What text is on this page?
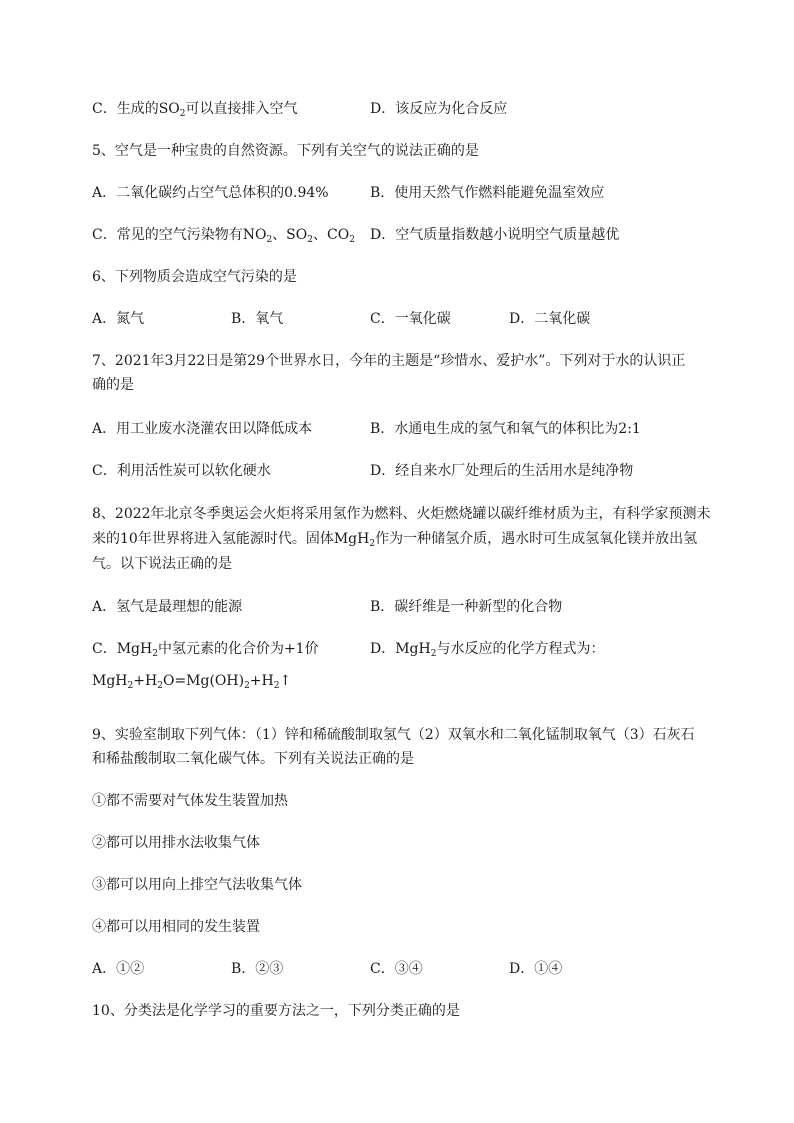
C．生成的$SO_2$可以直接排入空气	D．该反应为化合反应
5、空气是一种宝贵的自然资源。下列有关空气的说法正确的是
A．二氧化碳约占空气总体积的0.94%	B．使用天然气作燃料能避免温室效应
C．常见的空气污染物有$NO_2$、$SO_2$、$CO_2$ D．空气质量指数越小说明空气质量越优
6、下列物质会造成空气污染的是
A．氮气	B．氧气	C．一氧化碳	D．二氧化碳
7、2021年3月22日是第29个世界水日，今年的主题是“珍惜水、爱护水”。下列对于水的认识正
确的是
A．用工业废水浇灌农田以降低成本	B．水通电生成的氢气和氧气的体积比为2:1
C．利用活性炭可以软化硬水	D．经自来水厂处理后的生活用水是纯净物
8、2022年北京冬季奥运会火炬将采用氢作为燃料、火炬燃烧罐以碳纤维材质为主，有科学家预测未
来的10年世界将进入氢能源时代。固体MgH$_2$作为一种储氢介质，遇水时可生成氢氧化镁并放出氢
气。以下说法正确的是
A．氢气是最理想的能源	B．碳纤维是一种新型的化合物
C．MgH$_2$中氢元素的化合价为+1价	D．MgH$_2$与水反应的化学方程式为：
$MgH_2+H_2O=Mg(OH)_2+H_2↑$
9、实验室制取下列气体：（1）锌和稀硫酸制取氢气（2）双氧水和二氧化锰制取氧气（3）石灰石
和稀盐酸制取二氧化碳气体。下列有关说法正确的是
①都不需要对气体发生装置加热
②都可以用排水法收集气体
③都可以用向上排空气法收集气体
④都可以用相同的发生装置
A．①②	B．②③	C．③④	D．①④
10、分类法是化学学习的重要方法之一，下列分类正确的是
